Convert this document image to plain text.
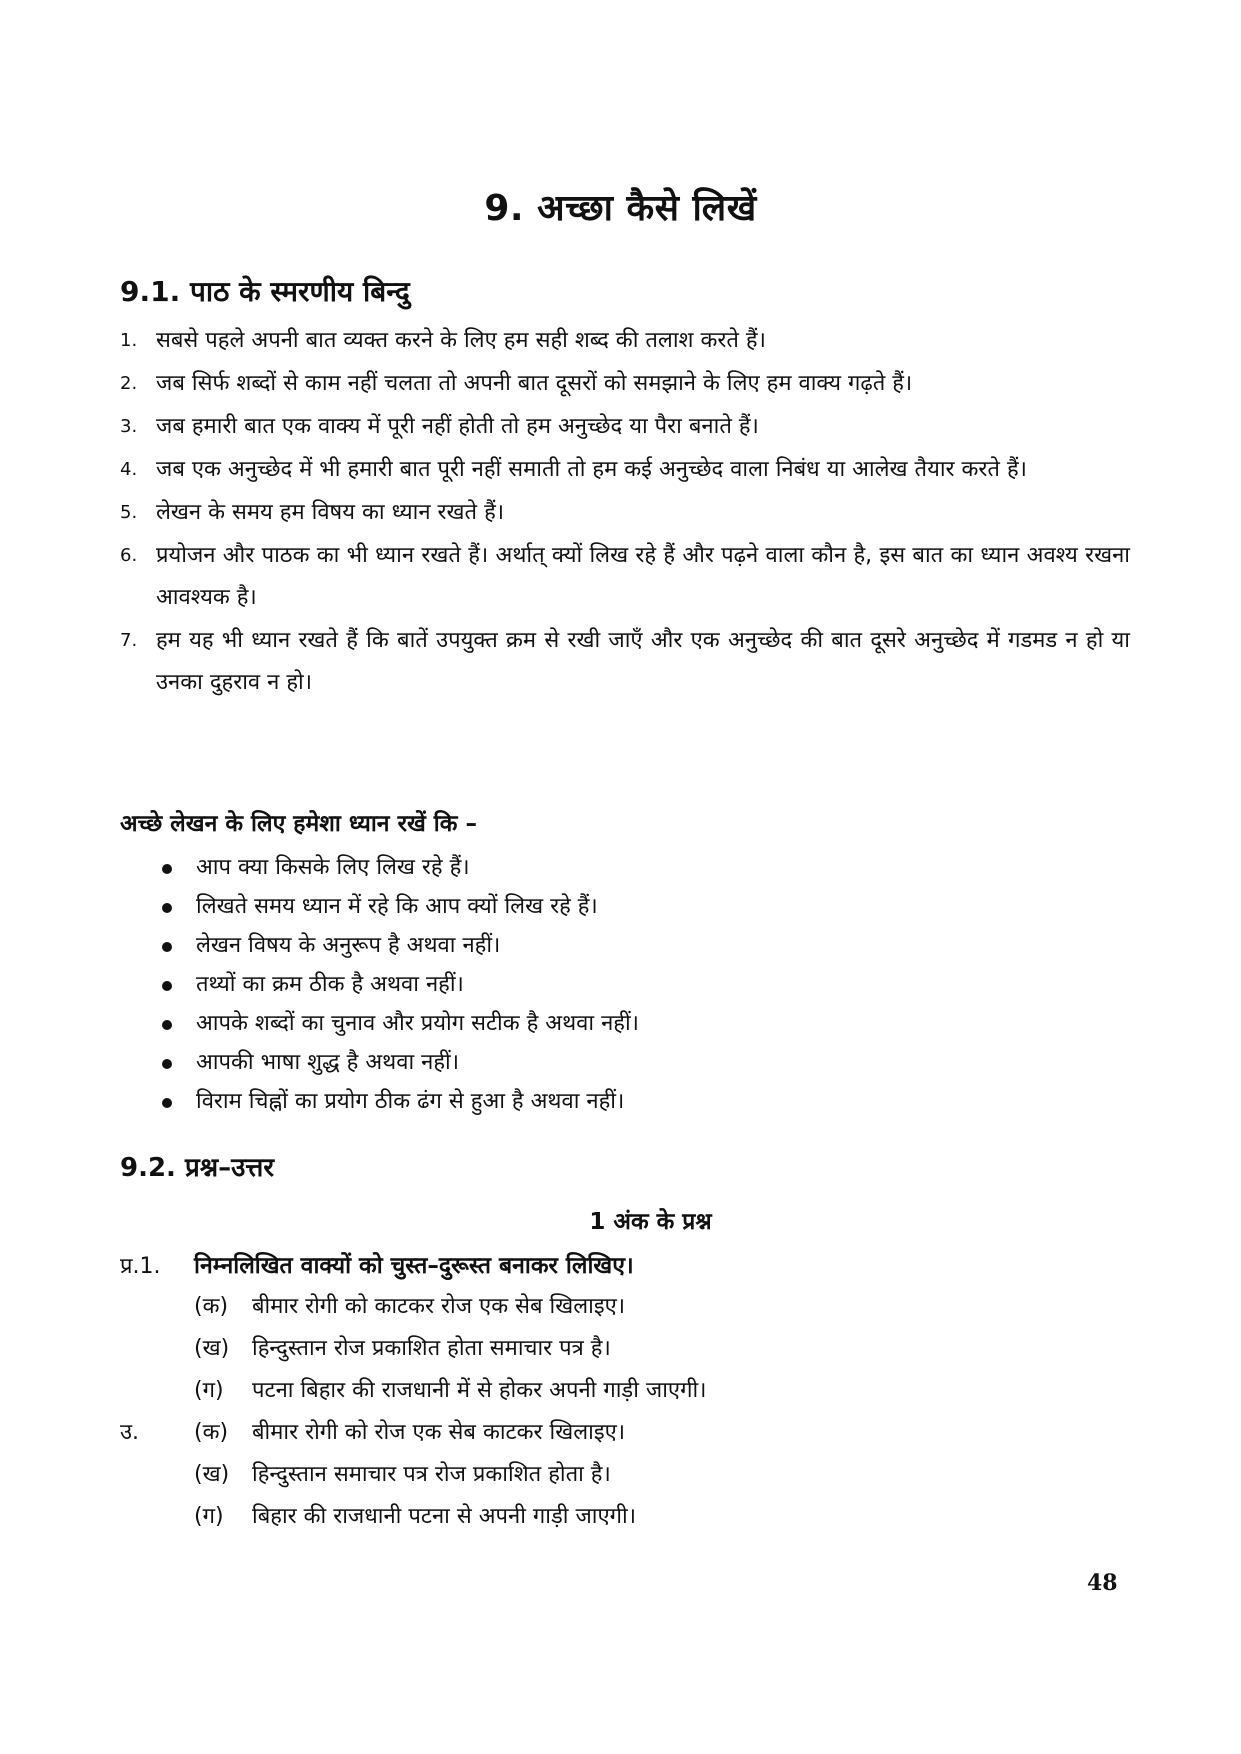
9. अच्छा कैसे लिखें
9.1. पाठ के स्मरणीय बिन्दु
1. सबसे पहले अपनी बात व्यक्त करने के लिए हम सही शब्द की तलाश करते हैं।
2. जब सिर्फ शब्दों से काम नहीं चलता तो अपनी बात दूसरों को समझाने के लिए हम वाक्य गढ़ते हैं।
3. जब हमारी बात एक वाक्य में पूरी नहीं होती तो हम अनुच्छेद या पैरा बनाते हैं।
4. जब एक अनुच्छेद में भी हमारी बात पूरी नहीं समाती तो हम कई अनुच्छेद वाला निबंध या आलेख तैयार करते हैं।
5. लेखन के समय हम विषय का ध्यान रखते हैं।
6. प्रयोजन और पाठक का भी ध्यान रखते हैं। अर्थात् क्यों लिख रहे हैं और पढ़ने वाला कौन है, इस बात का ध्यान अवश्य रखना आवश्यक है।
7. हम यह भी ध्यान रखते हैं कि बातें उपयुक्त क्रम से रखी जाएँ और एक अनुच्छेद की बात दूसरे अनुच्छेद में गडमड न हो या उनका दुहराव न हो।
अच्छे लेखन के लिए हमेशा ध्यान रखें कि –
आप क्या किसके लिए लिख रहे हैं।
लिखते समय ध्यान में रहे कि आप क्यों लिख रहे हैं।
लेखन विषय के अनुरूप है अथवा नहीं।
तथ्यों का क्रम ठीक है अथवा नहीं।
आपके शब्दों का चुनाव और प्रयोग सटीक है अथवा नहीं।
आपकी भाषा शुद्ध है अथवा नहीं।
विराम चिह्नों का प्रयोग ठीक ढंग से हुआ है अथवा नहीं।
9.2. प्रश्न–उत्तर
1 अंक के प्रश्न
प्र.1. निम्नलिखित वाक्यों को चुस्त–दुरूस्त बनाकर लिखिए।
(क) बीमार रोगी को काटकर रोज एक सेब खिलाइए।
(ख) हिन्दुस्तान रोज प्रकाशित होता समाचार पत्र है।
(ग) पटना बिहार की राजधानी में से होकर अपनी गाड़ी जाएगी।
उ. (क) बीमार रोगी को रोज एक सेब काटकर खिलाइए।
(ख) हिन्दुस्तान समाचार पत्र रोज प्रकाशित होता है।
(ग) बिहार की राजधानी पटना से अपनी गाड़ी जाएगी।
48
